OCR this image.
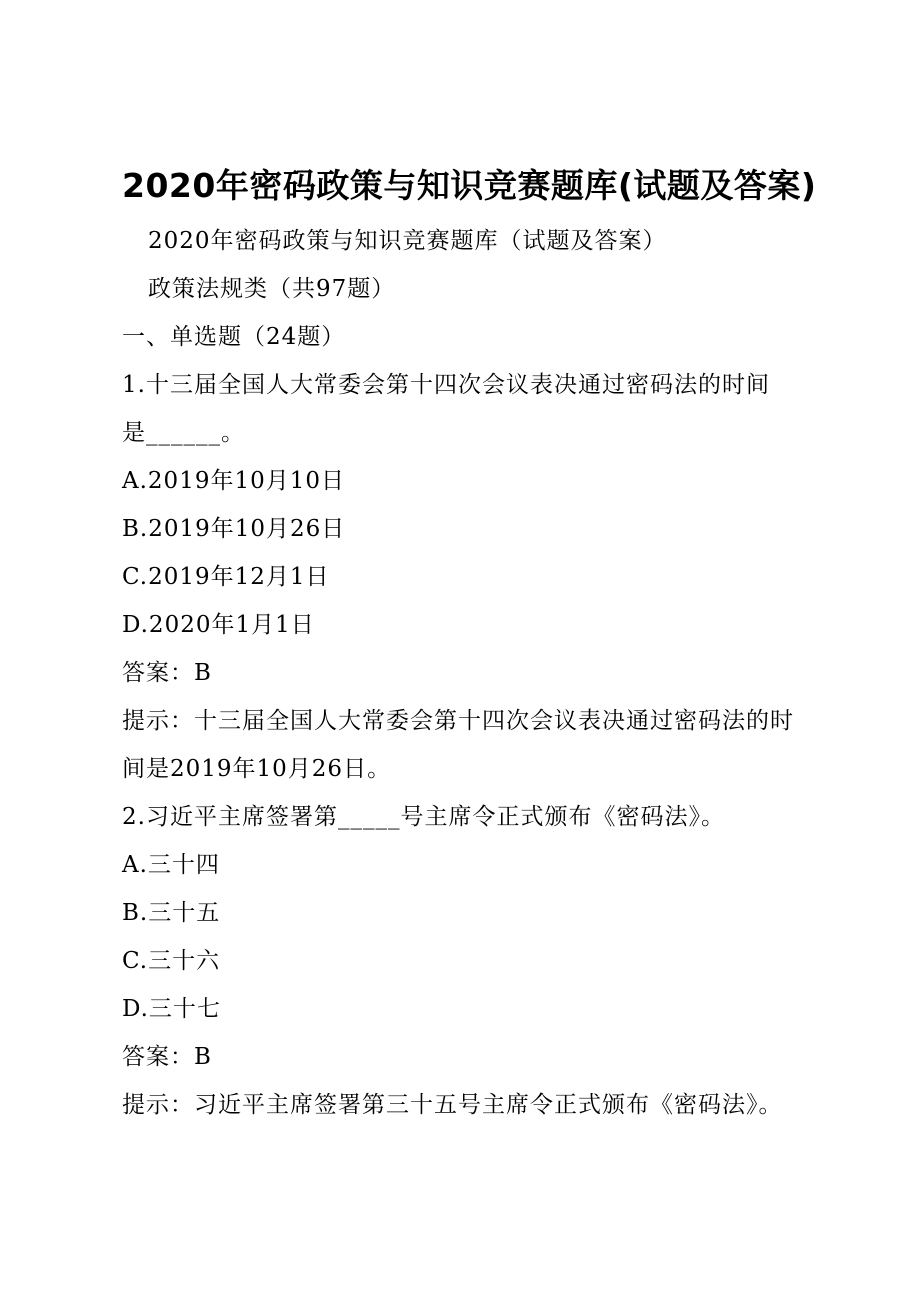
2020年密码政策与知识竞赛题库(试题及答案)
2020年密码政策与知识竞赛题库（试题及答案）
政策法规类（共97题）
一、单选题（24题）
1.十三届全国人大常委会第十四次会议表决通过密码法的时间
是______。
A.2019年10月10日
B.2019年10月26日
C.2019年12月1日
D.2020年1月1日
答案：B
提示：十三届全国人大常委会第十四次会议表决通过密码法的时
间是2019年10月26日。
2.习近平主席签署第_____号主席令正式颁布《密码法》。
A.三十四
B.三十五
C.三十六
D.三十七
答案：B
提示：习近平主席签署第三十五号主席令正式颁布《密码法》。
